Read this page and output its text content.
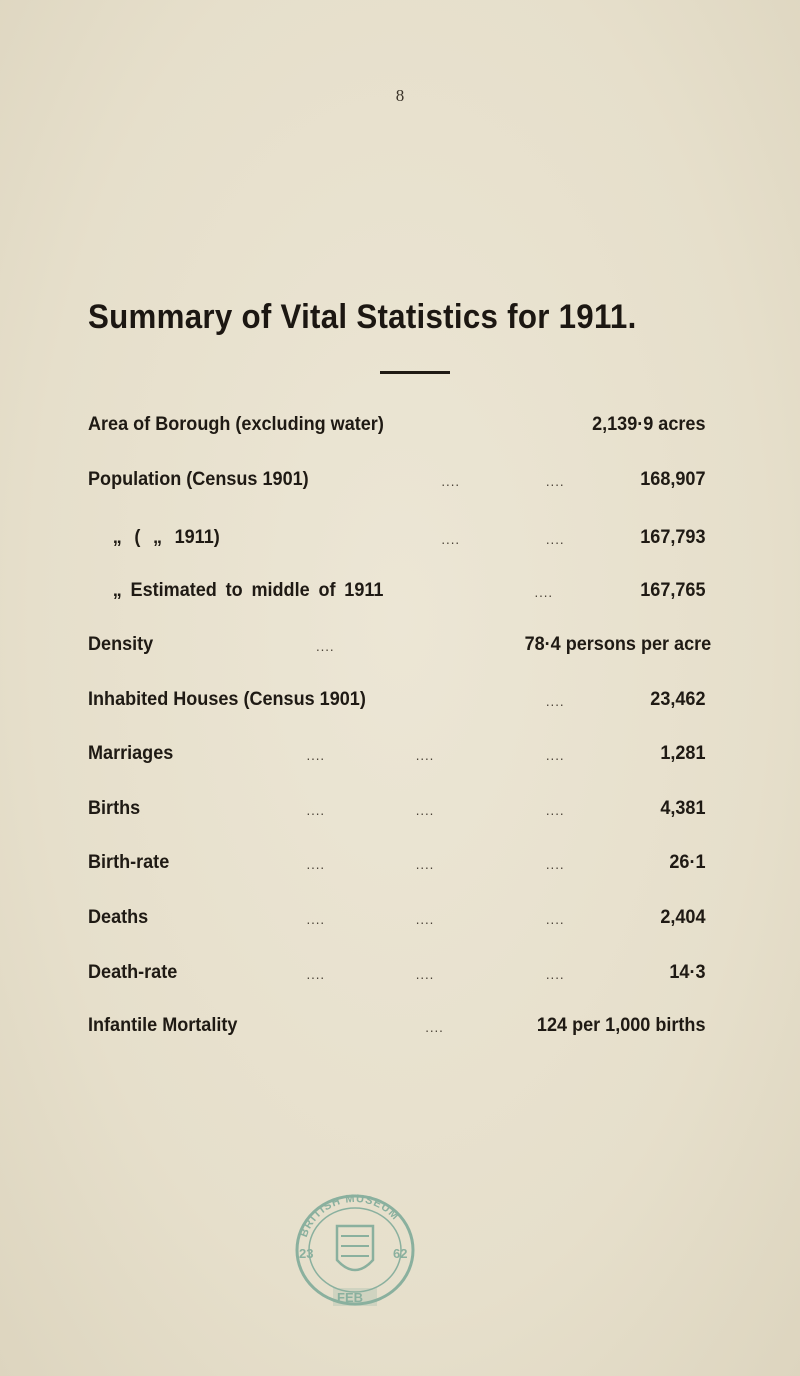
8
Summary of Vital Statistics for 1911.
Area of Borough (excluding water)	2,139·9 acres
Population (Census 1901)	....	....	168,907
„ ( „ 1911)	....	....	167,793
„ Estimated to middle of 1911	....	167,765
Density	....	78·4 persons per acre
Inhabited Houses (Census 1901)	....	23,462
Marriages	....	....	....	1,281
Births	....	....	....	4,381
Birth-rate	....	....	....	26·1
Deaths	....	....	....	2,404
Death-rate	....	....	....	14·3
Infantile Mortality	....	124 per 1,000 births
BRITISH MUSEUM
23	62
FEB
